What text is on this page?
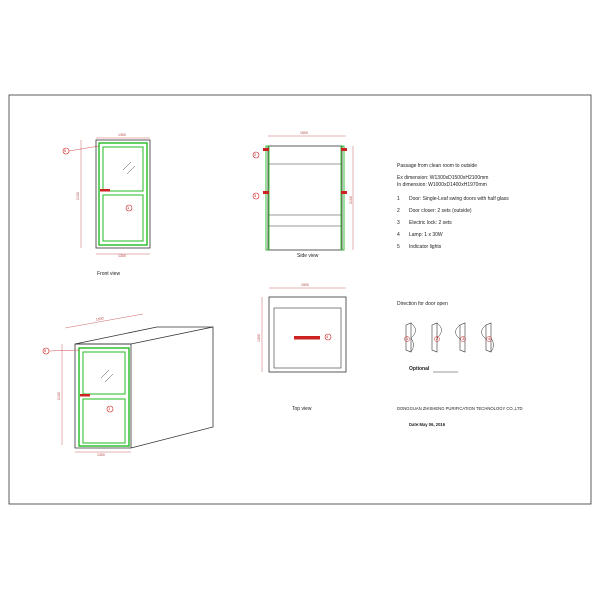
1300
1300
2100
1
5
Front view
1500
2100
2
3
Side view
1500
2100
1300
1
5
1500
1300	4
Top view
Passage from clean room to outside
Ex dimension: W1300xD1500xH2100mm
In dimension: W1000xD1400xH1970mm
1 Door: Single-Leaf swing doors with half glass
2 Door closer: 2 sets (outside)
3 Electric lock: 2 sets
4 Lamp: 1 x 30W
5 Indicator lights
Direction for door open
1	2	3	4
Optional
DONGGUAN ZHISHENG PURIFICATION TECHNOLOGY CO.,LTD
Date:May 06, 2016
